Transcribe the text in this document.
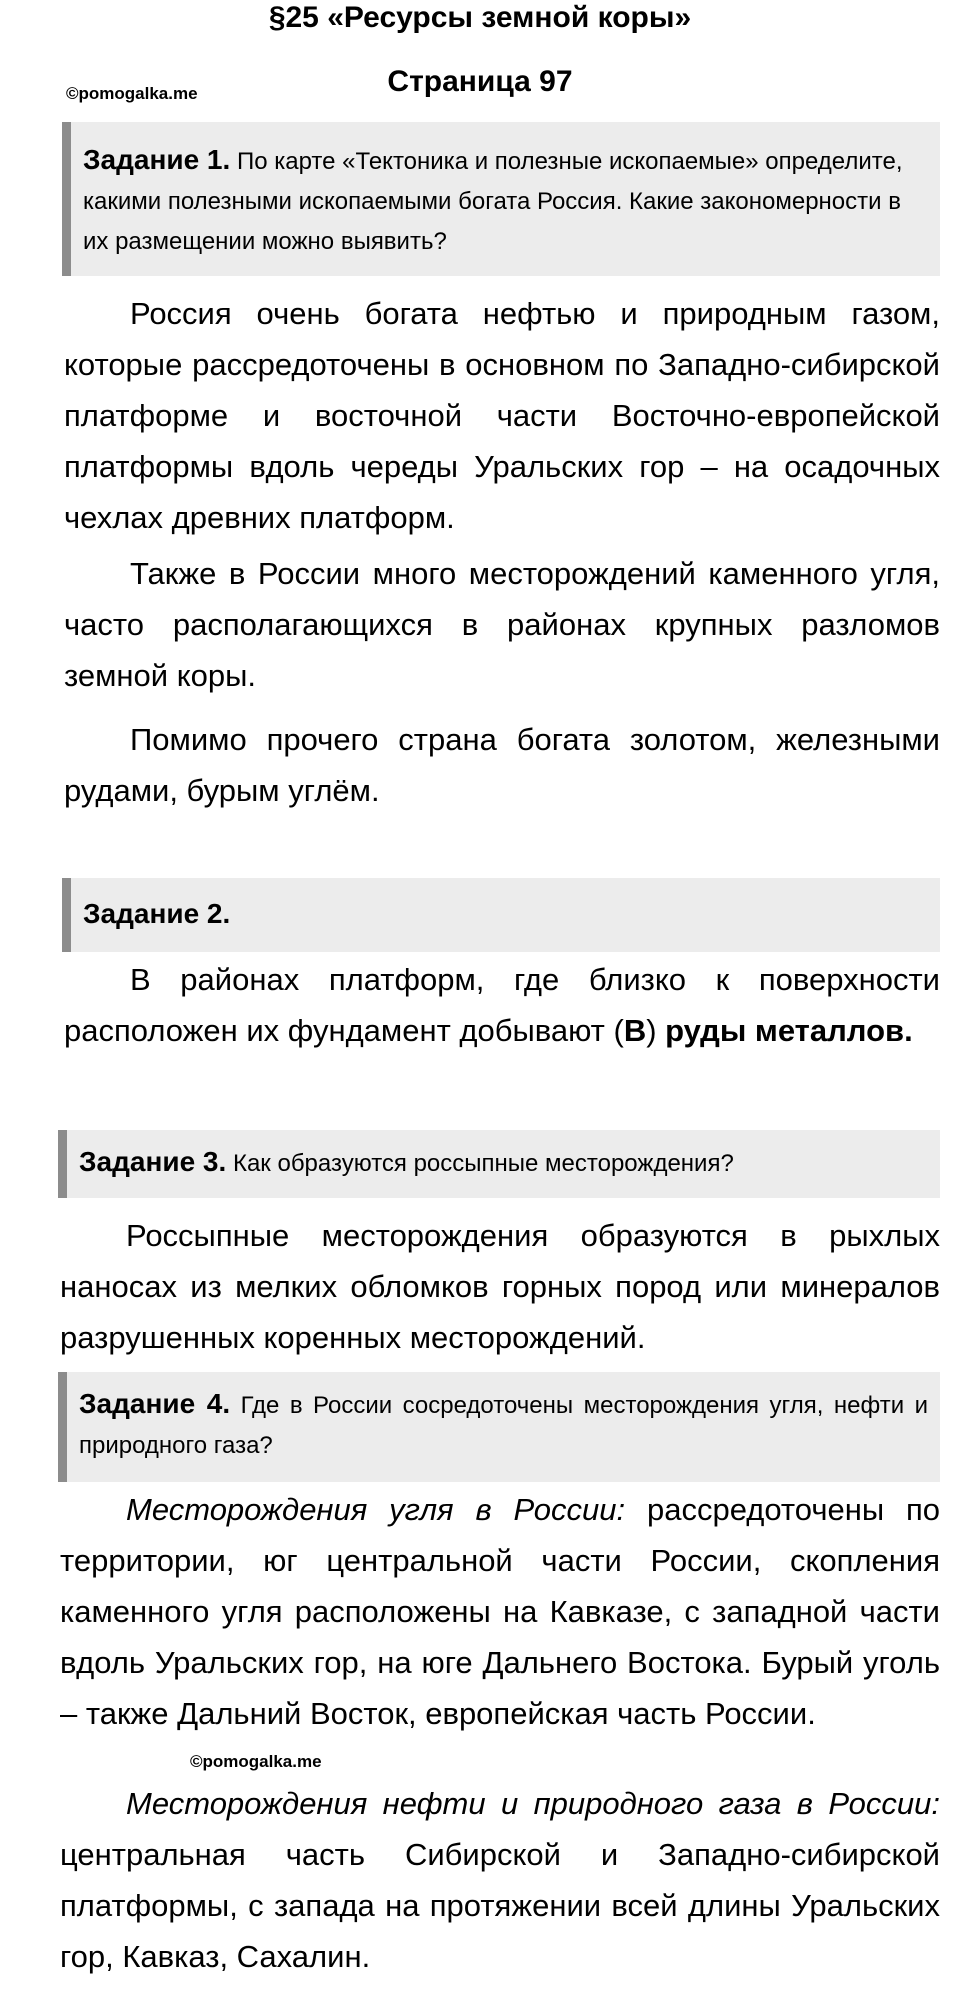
§25 «Ресурсы земной коры»
Страница 97
©pomogalka.me
Задание 1. По карте «Тектоника и полезные ископаемые» определите, какими полезными ископаемыми богата Россия. Какие закономерности в их размещении можно выявить?
Россия очень богата нефтью и природным газом, которые рассредоточены в основном по Западно-сибирской платформе и восточной части Восточно-европейской платформы вдоль череды Уральских гор – на осадочных чехлах древних платформ.
Также в России много месторождений каменного угля, часто располагающихся в районах крупных разломов земной коры.
Помимо прочего страна богата золотом, железными рудами, бурым углём.
Задание 2.
В районах платформ, где близко к поверхности расположен их фундамент добывают (В) руды металлов.
Задание 3. Как образуются россыпные месторождения?
Россыпные месторождения образуются в рыхлых наносах из мелких обломков горных пород или минералов разрушенных коренных месторождений.
Задание 4. Где в России сосредоточены месторождения угля, нефти и природного газа?
Месторождения угля в России: рассредоточены по территории, юг центральной части России, скопления каменного угля расположены на Кавказе, с западной части вдоль Уральских гор, на юге Дальнего Востока. Бурый уголь – также Дальний Восток, европейская часть России.
©pomogalka.me
Месторождения нефти и природного газа в России: центральная часть Сибирской и Западно-сибирской платформы, с запада на протяжении всей длины Уральских гор, Кавказ, Сахалин.
